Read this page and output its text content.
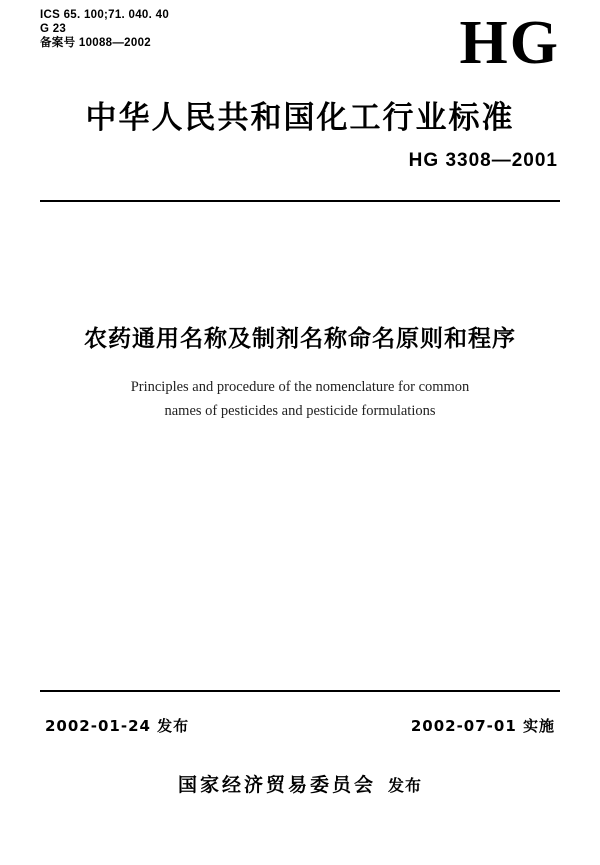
ICS 65. 100;71. 040. 40
G 23
备案号 10088—2002	HG
中华人民共和国化工行业标准
HG 3308—2001
农药通用名称及制剂名称命名原则和程序
Principles and procedure of the nomenclature for common
names of pesticides and pesticide formulations
2002-01-24 发布	2002-07-01 实施
国家经济贸易委员会 发布
